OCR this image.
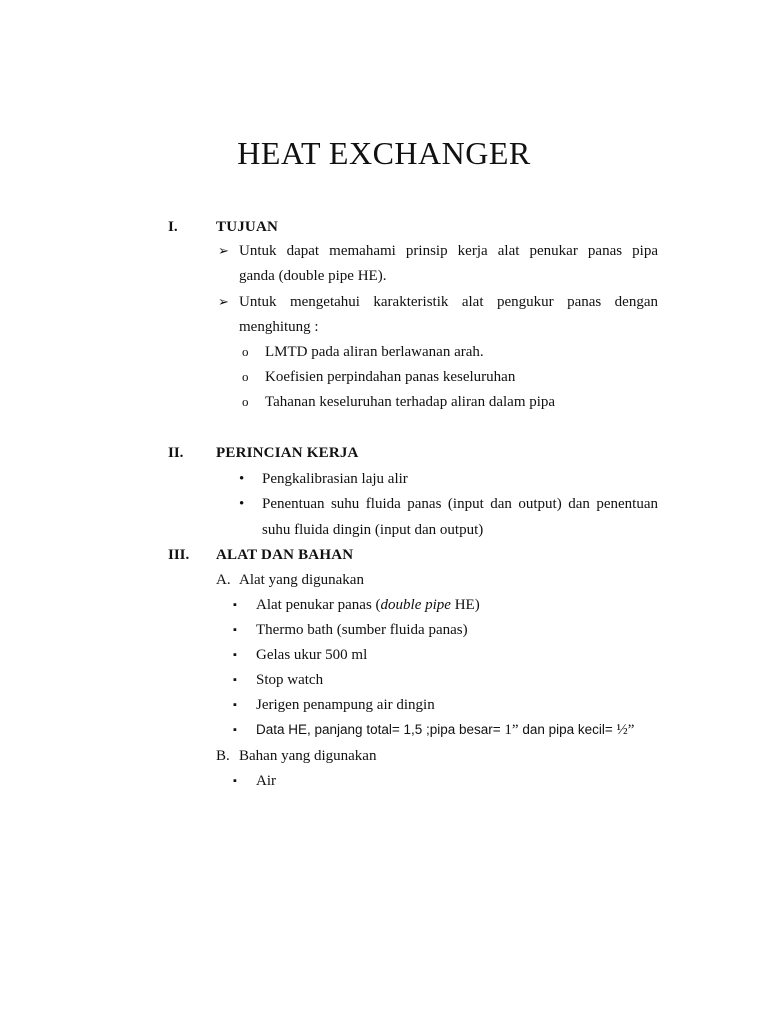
HEAT EXCHANGER
I.	TUJUAN
➢ Untuk dapat memahami prinsip kerja alat penukar panas pipa
ganda (double pipe HE).
➢ Untuk mengetahui karakteristik alat pengukur panas dengan
menghitung :
o LMTD pada aliran berlawanan arah.
o Koefisien perpindahan panas keseluruhan
o Tahanan keseluruhan terhadap aliran dalam pipa
II. PERINCIAN KERJA
• Pengkalibrasian laju alir
• Penentuan suhu fluida panas (input dan output) dan penentuan
suhu fluida dingin (input dan output)
III. ALAT DAN BAHAN
A. Alat yang digunakan
▪ Alat penukar panas (double pipe HE)
▪ Thermo bath (sumber fluida panas)
▪ Gelas ukur 500 ml
▪ Stop watch
▪ Jerigen penampung air dingin
▪ Data HE, panjang total= 1,5 ;pipa besar= 1” dan pipa kecil= ½”
B. Bahan yang digunakan
▪ Air
